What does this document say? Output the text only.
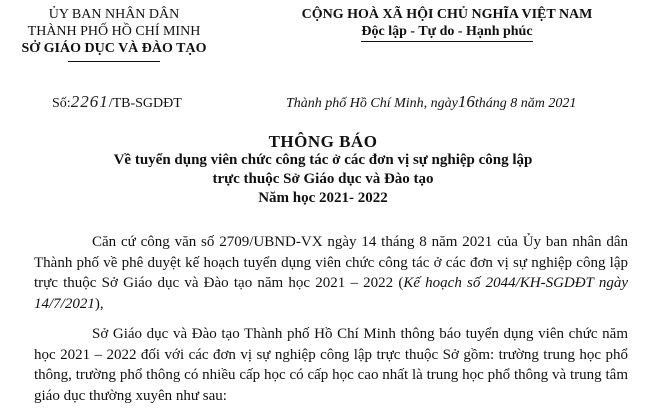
ỦY BAN NHÂN DÂN
THÀNH PHỐ HỒ CHÍ MINH
SỞ GIÁO DỤC VÀ ĐÀO TẠO
CỘNG HOÀ XÃ HỘI CHỦ NGHĨA VIỆT NAM
Độc lập - Tự do - Hạnh phúc
Số:2261/TB-SGDĐT	Thành phố Hồ Chí Minh, ngày16tháng 8 năm 2021
THÔNG BÁO
Về tuyển dụng viên chức công tác ở các đơn vị sự nghiệp công lập
trực thuộc Sở Giáo dục và Đào tạo
Năm học 2021- 2022

Căn cứ công văn số 2709/UBND-VX ngày 14 tháng 8 năm 2021 của Ủy ban nhân dân Thành phố về phê duyệt kế hoạch tuyển dụng viên chức công tác ở các đơn vị sự nghiệp công lập trực thuộc Sở Giáo dục và Đào tạo năm học 2021 – 2022 (Kế hoạch số 2044/KH-SGDĐT ngày 14/7/2021),

Sở Giáo dục và Đào tạo Thành phố Hồ Chí Minh thông báo tuyển dụng viên chức năm học 2021 – 2022 đối với các đơn vị sự nghiệp công lập trực thuộc Sở gồm: trường trung học phổ thông, trường phổ thông có nhiều cấp học có cấp học cao nhất là trung học phổ thông và trung tâm giáo dục thường xuyên như sau:
